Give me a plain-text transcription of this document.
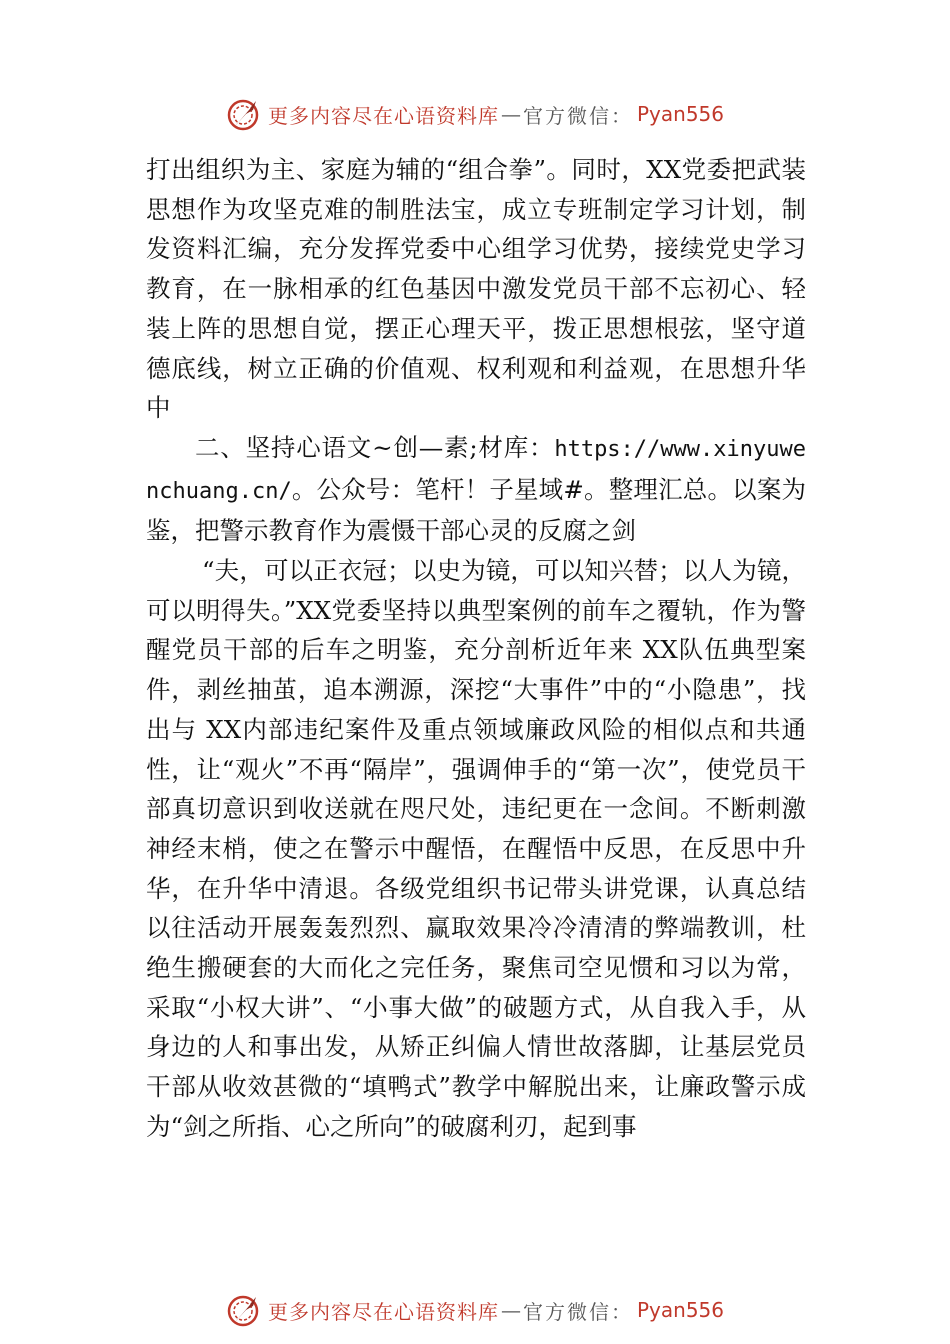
更多内容尽在心语资料库 — 官方微信： Pyan556

打出组织为主、家庭为辅的“组合拳”。同时，XX党委把武装思想作为攻坚克难的制胜法宝，成立专班制定学习计划，制发资料汇编，充分发挥党委中心组学习优势，接续党史学习教育，在一脉相承的红色基因中激发党员干部不忘初心、轻装上阵的思想自觉，摆正心理天平，拨正思想根弦，坚守道德底线，树立正确的价值观、权利观和利益观，在思想升华中

二、坚持心语文~创—素;材库：https://​www.xinyuwenchuang.cn/。公众号：笔杆！子星域#。整理汇总。以案为鉴，把警示教育作为震慑干部心灵的反腐之剑

“夫，可以正衣冠；以史为镜，可以知兴替；以人为镜，可以明得失。”XX党委坚持以典型案例的前车之覆轨，作为警醒党员干部的后车之明鉴，充分剖析近年来 XX队伍典型案件，剥丝抽茧，追本溯源，深挖“大事件”中的“小隐患”，找出与 XX内部违纪案件及重点领域廉政风险的相似点和共通性，让“观火”不再“隔岸”，强调伸手的“第一次”，使党员干部真切意识到收送就在咫尺处，违纪更在一念间。不断刺激神经末梢，使之在警示中醒悟，在醒悟中反思，在反思中升华，在升华中清退。各级党组织书记带头讲党课，认真总结以往活动开展轰轰烈烈、赢取效果冷冷清清的弊端教训，杜绝生搬硬套的大而化之完任务，聚焦司空见惯和习以为常，采取“小权大讲”、“小事大做”的破题方式，从自我入手，从身边的人和事出发，从矫正纠偏人情世故落脚，让基层党员干部从收效甚微的“填鸭式”教学中解脱出来，让廉政警示成为“剑之所指、心之所向”的破腐利刃，起到事

更多内容尽在心语资料库 — 官方微信： Pyan556
